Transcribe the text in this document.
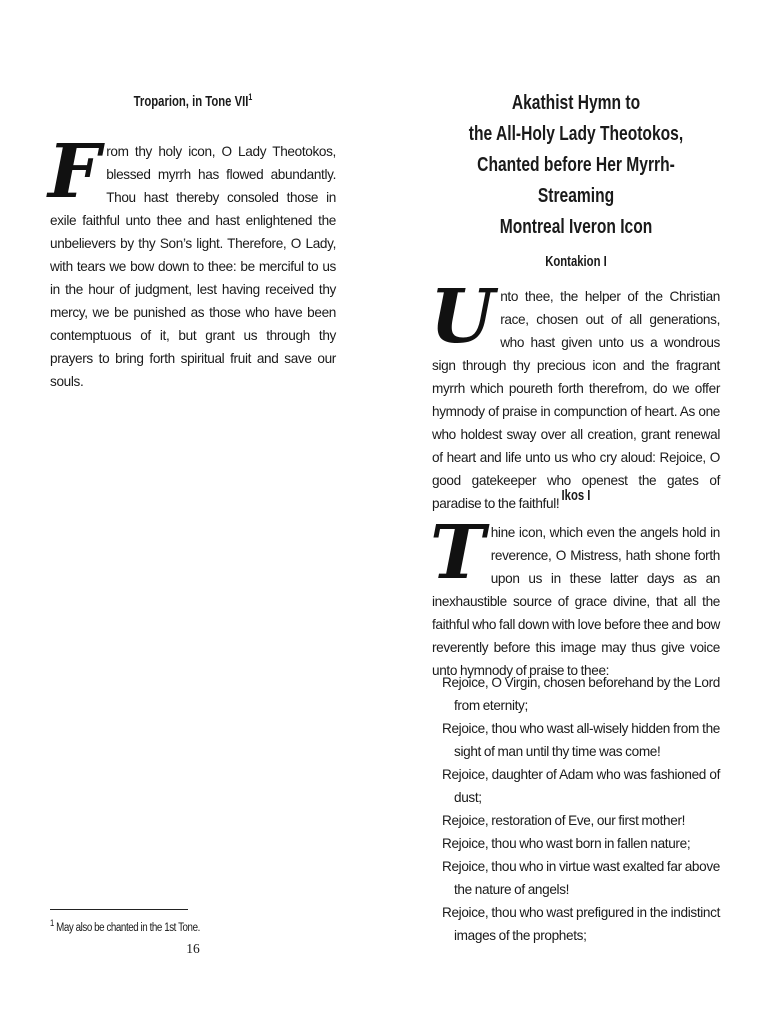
Troparion, in Tone VII$^1$
From thy holy icon, O Lady Theotokos, blessed myrrh has flowed abundantly. Thou hast thereby consoled those in exile faithful unto thee and hast enlightened the unbelievers by thy Son’s light. Therefore, O Lady, with tears we bow down to thee: be merciful to us in the hour of judgment, lest having received thy mercy, we be punished as those who have been contemptuous of it, but grant us through thy prayers to bring forth spiritual fruit and save our souls.
$^1$ May also be chanted in the 1st Tone.
16
Akathist Hymn to
the All-Holy Lady Theotokos,
Chanted before Her Myrrh-Streaming
Montreal Iveron Icon
Kontakion I
Unto thee, the helper of the Christian race, chosen out of all generations, who hast given unto us a wondrous sign through thy precious icon and the fragrant myrrh which poureth forth therefrom, do we offer hymnody of praise in compunction of heart. As one who holdest sway over all creation, grant renewal of heart and life unto us who cry aloud: Rejoice, O good gatekeeper who openest the gates of paradise to the faithful! Ikos I
Thine icon, which even the angels hold in reverence, O Mistress, hath shone forth upon us in these latter days as an inexhaustible source of grace divine, that all the faithful who fall down with love before thee and bow reverently before this image may thus give voice unto hymnody of praise to thee:
Rejoice, O Virgin, chosen beforehand by the Lord from eternity;
Rejoice, thou who wast all-wisely hidden from the sight of man until thy time was come!
Rejoice, daughter of Adam who was fashioned of dust;
Rejoice, restoration of Eve, our first mother!
Rejoice, thou who wast born in fallen nature;
Rejoice, thou who in virtue wast exalted far above the nature of angels!
Rejoice, thou who wast prefigured in the indistinct images of the prophets;
